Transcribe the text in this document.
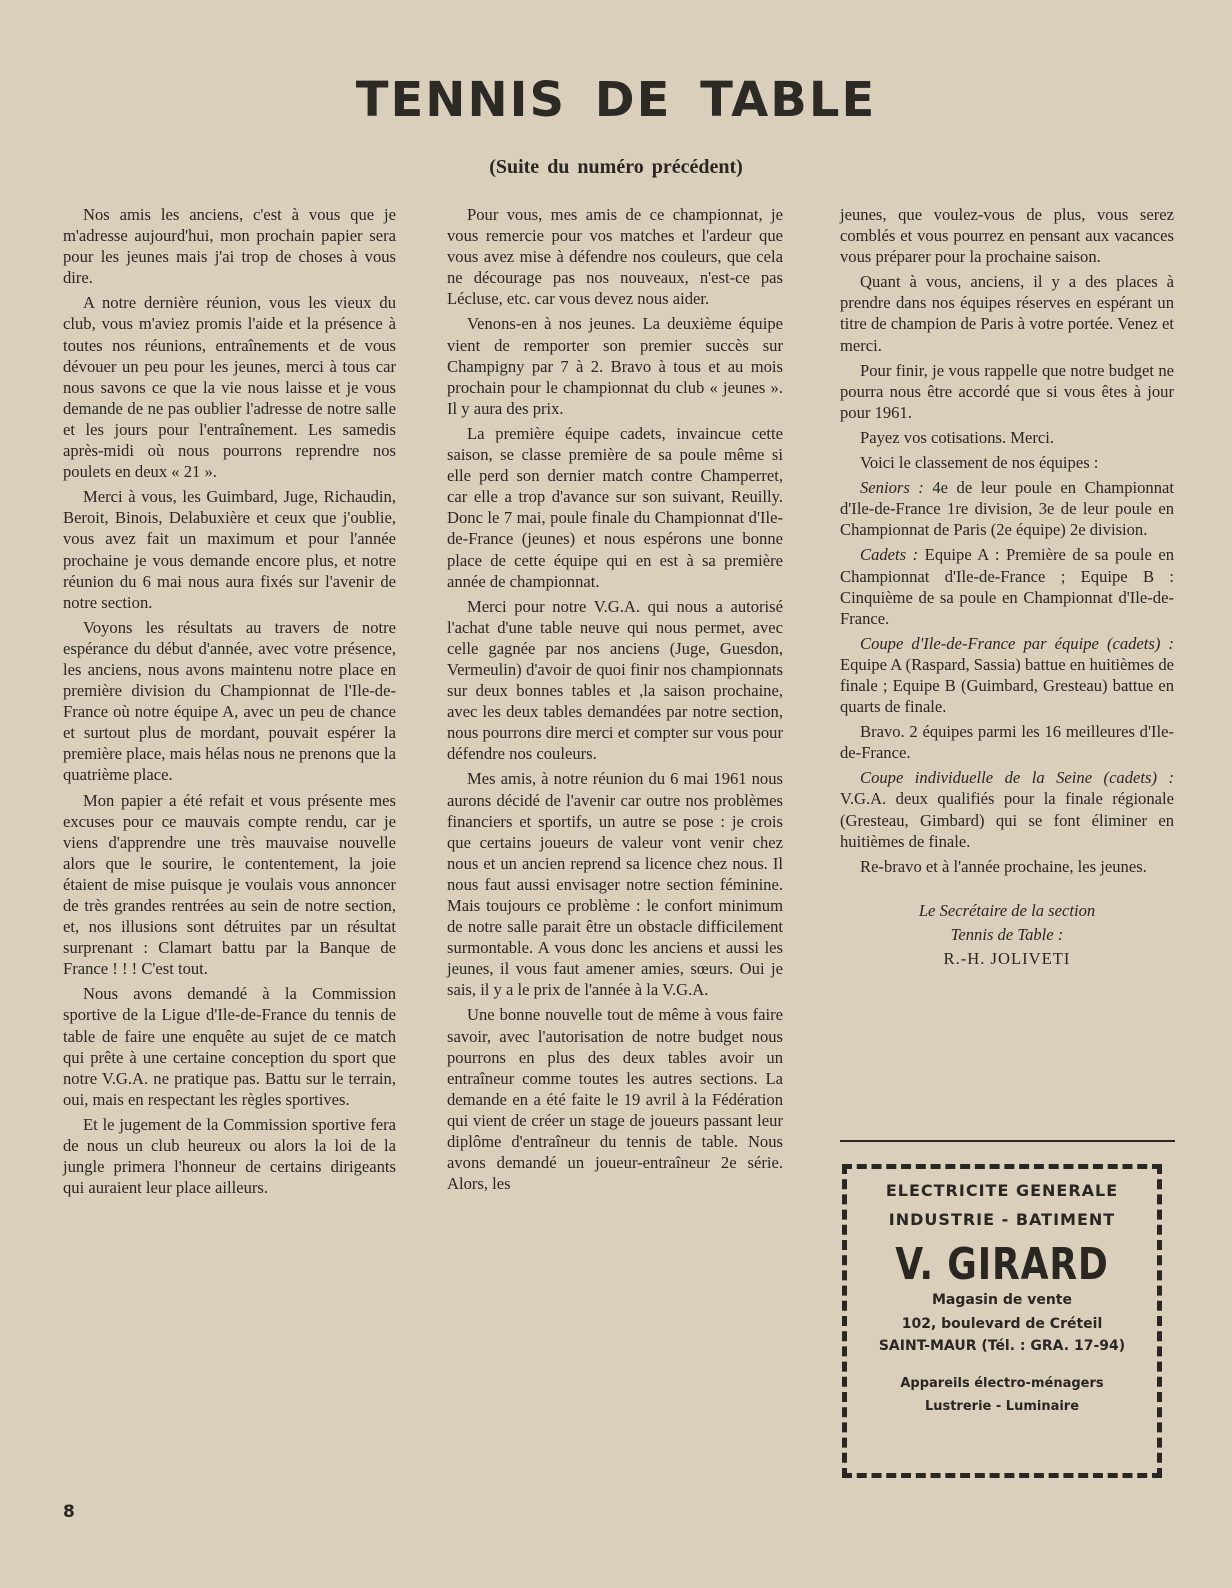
TENNIS DE TABLE
(Suite du numéro précédent)

Nos amis les anciens, c'est à vous que je m'adresse aujourd'hui, mon prochain papier sera pour les jeunes mais j'ai trop de choses à vous dire.

A notre dernière réunion, vous les vieux du club, vous m'aviez promis l'aide et la présence à toutes nos réunions, entraînements et de vous dévouer un peu pour les jeunes, merci à tous car nous savons ce que la vie nous laisse et je vous demande de ne pas oublier l'adresse de notre salle et les jours pour l'entraînement. Les samedis après-midi où nous pourrons reprendre nos poulets en deux « 21 ».

Merci à vous, les Guimbard, Juge, Richaudin, Beroit, Binois, Delabuxière et ceux que j'oublie, vous avez fait un maximum et pour l'année prochaine je vous demande encore plus, et notre réunion du 6 mai nous aura fixés sur l'avenir de notre section.

Voyons les résultats au travers de notre espérance du début d'année, avec votre présence, les anciens, nous avons maintenu notre place en première division du Championnat de l'Ile-de-France où notre équipe A, avec un peu de chance et surtout plus de mordant, pouvait espérer la première place, mais hélas nous ne prenons que la quatrième place.

Mon papier a été refait et vous présente mes excuses pour ce mauvais compte rendu, car je viens d'apprendre une très mauvaise nouvelle alors que le sourire, le contentement, la joie étaient de mise puisque je voulais vous annoncer de très grandes rentrées au sein de notre section, et, nos illusions sont détruites par un résultat surprenant : Clamart battu par la Banque de France ! ! ! C'est tout.

Nous avons demandé à la Commission sportive de la Ligue d'Ile-de-France du tennis de table de faire une enquête au sujet de ce match qui prête à une certaine conception du sport que notre V.G.A. ne pratique pas. Battu sur le terrain, oui, mais en respectant les règles sportives.

Et le jugement de la Commission sportive fera de nous un club heureux ou alors la loi de la jungle primera l'honneur de certains dirigeants qui auraient leur place ailleurs.

Pour vous, mes amis de ce championnat, je vous remercie pour vos matches et l'ardeur que vous avez mise à défendre nos couleurs, que cela ne décourage pas nos nouveaux, n'est-ce pas Lécluse, etc. car vous devez nous aider.

Venons-en à nos jeunes. La deuxième équipe vient de remporter son premier succès sur Champigny par 7 à 2. Bravo à tous et au mois prochain pour le championnat du club « jeunes ». Il y aura des prix.

La première équipe cadets, invaincue cette saison, se classe première de sa poule même si elle perd son dernier match contre Champerret, car elle a trop d'avance sur son suivant, Reuilly. Donc le 7 mai, poule finale du Championnat d'Ile-de-France (jeunes) et nous espérons une bonne place de cette équipe qui en est à sa première année de championnat.

Merci pour notre V.G.A. qui nous a autorisé l'achat d'une table neuve qui nous permet, avec celle gagnée par nos anciens (Juge, Guesdon, Vermeulin) d'avoir de quoi finir nos championnats sur deux bonnes tables et ,la saison prochaine, avec les deux tables demandées par notre section, nous pourrons dire merci et compter sur vous pour défendre nos couleurs.

Mes amis, à notre réunion du 6 mai 1961 nous aurons décidé de l'avenir car outre nos problèmes financiers et sportifs, un autre se pose : je crois que certains joueurs de valeur vont venir chez nous et un ancien reprend sa licence chez nous. Il nous faut aussi envisager notre section féminine. Mais toujours ce problème : le confort minimum de notre salle parait être un obstacle difficilement surmontable. A vous donc les anciens et aussi les jeunes, il vous faut amener amies, sœurs. Oui je sais, il y a le prix de l'année à la V.G.A.

Une bonne nouvelle tout de même à vous faire savoir, avec l'autorisation de notre budget nous pourrons en plus des deux tables avoir un entraîneur comme toutes les autres sections. La demande en a été faite le 19 avril à la Fédération qui vient de créer un stage de joueurs passant leur diplôme d'entraîneur du tennis de table. Nous avons demandé un joueur-entraîneur 2e série. Alors, les

jeunes, que voulez-vous de plus, vous serez comblés et vous pourrez en pensant aux vacances vous préparer pour la prochaine saison.

Quant à vous, anciens, il y a des places à prendre dans nos équipes réserves en espérant un titre de champion de Paris à votre portée. Venez et merci.

Pour finir, je vous rappelle que notre budget ne pourra nous être accordé que si vous êtes à jour pour 1961.

Payez vos cotisations. Merci.

Voici le classement de nos équipes :

Seniors : 4e de leur poule en Championnat d'Ile-de-France 1re division, 3e de leur poule en Championnat de Paris (2e équipe) 2e division.

Cadets : Equipe A : Première de sa poule en Championnat d'Ile-de-France ; Equipe B : Cinquième de sa poule en Championnat d'Ile-de-France.

Coupe d'Ile-de-France par équipe (cadets) : Equipe A (Raspard, Sassia) battue en huitièmes de finale ; Equipe B (Guimbard, Gresteau) battue en quarts de finale.

Bravo. 2 équipes parmi les 16 meilleures d'Ile-de-France.

Coupe individuelle de la Seine (cadets) : V.G.A. deux qualifiés pour la finale régionale (Gresteau, Gimbard) qui se font éliminer en huitièmes de finale.

Re-bravo et à l'année prochaine, les jeunes.

Le Secrétaire de la section
Tennis de Table :
R.-H. JOLIVETI
ELECTRICITE GENERALE
INDUSTRIE - BATIMENT
V. GIRARD
Magasin de vente
102, boulevard de Créteil
SAINT-MAUR (Tél. : GRA. 17-94)
Appareils électro-ménagers
Lustrerie - Luminaire
8
